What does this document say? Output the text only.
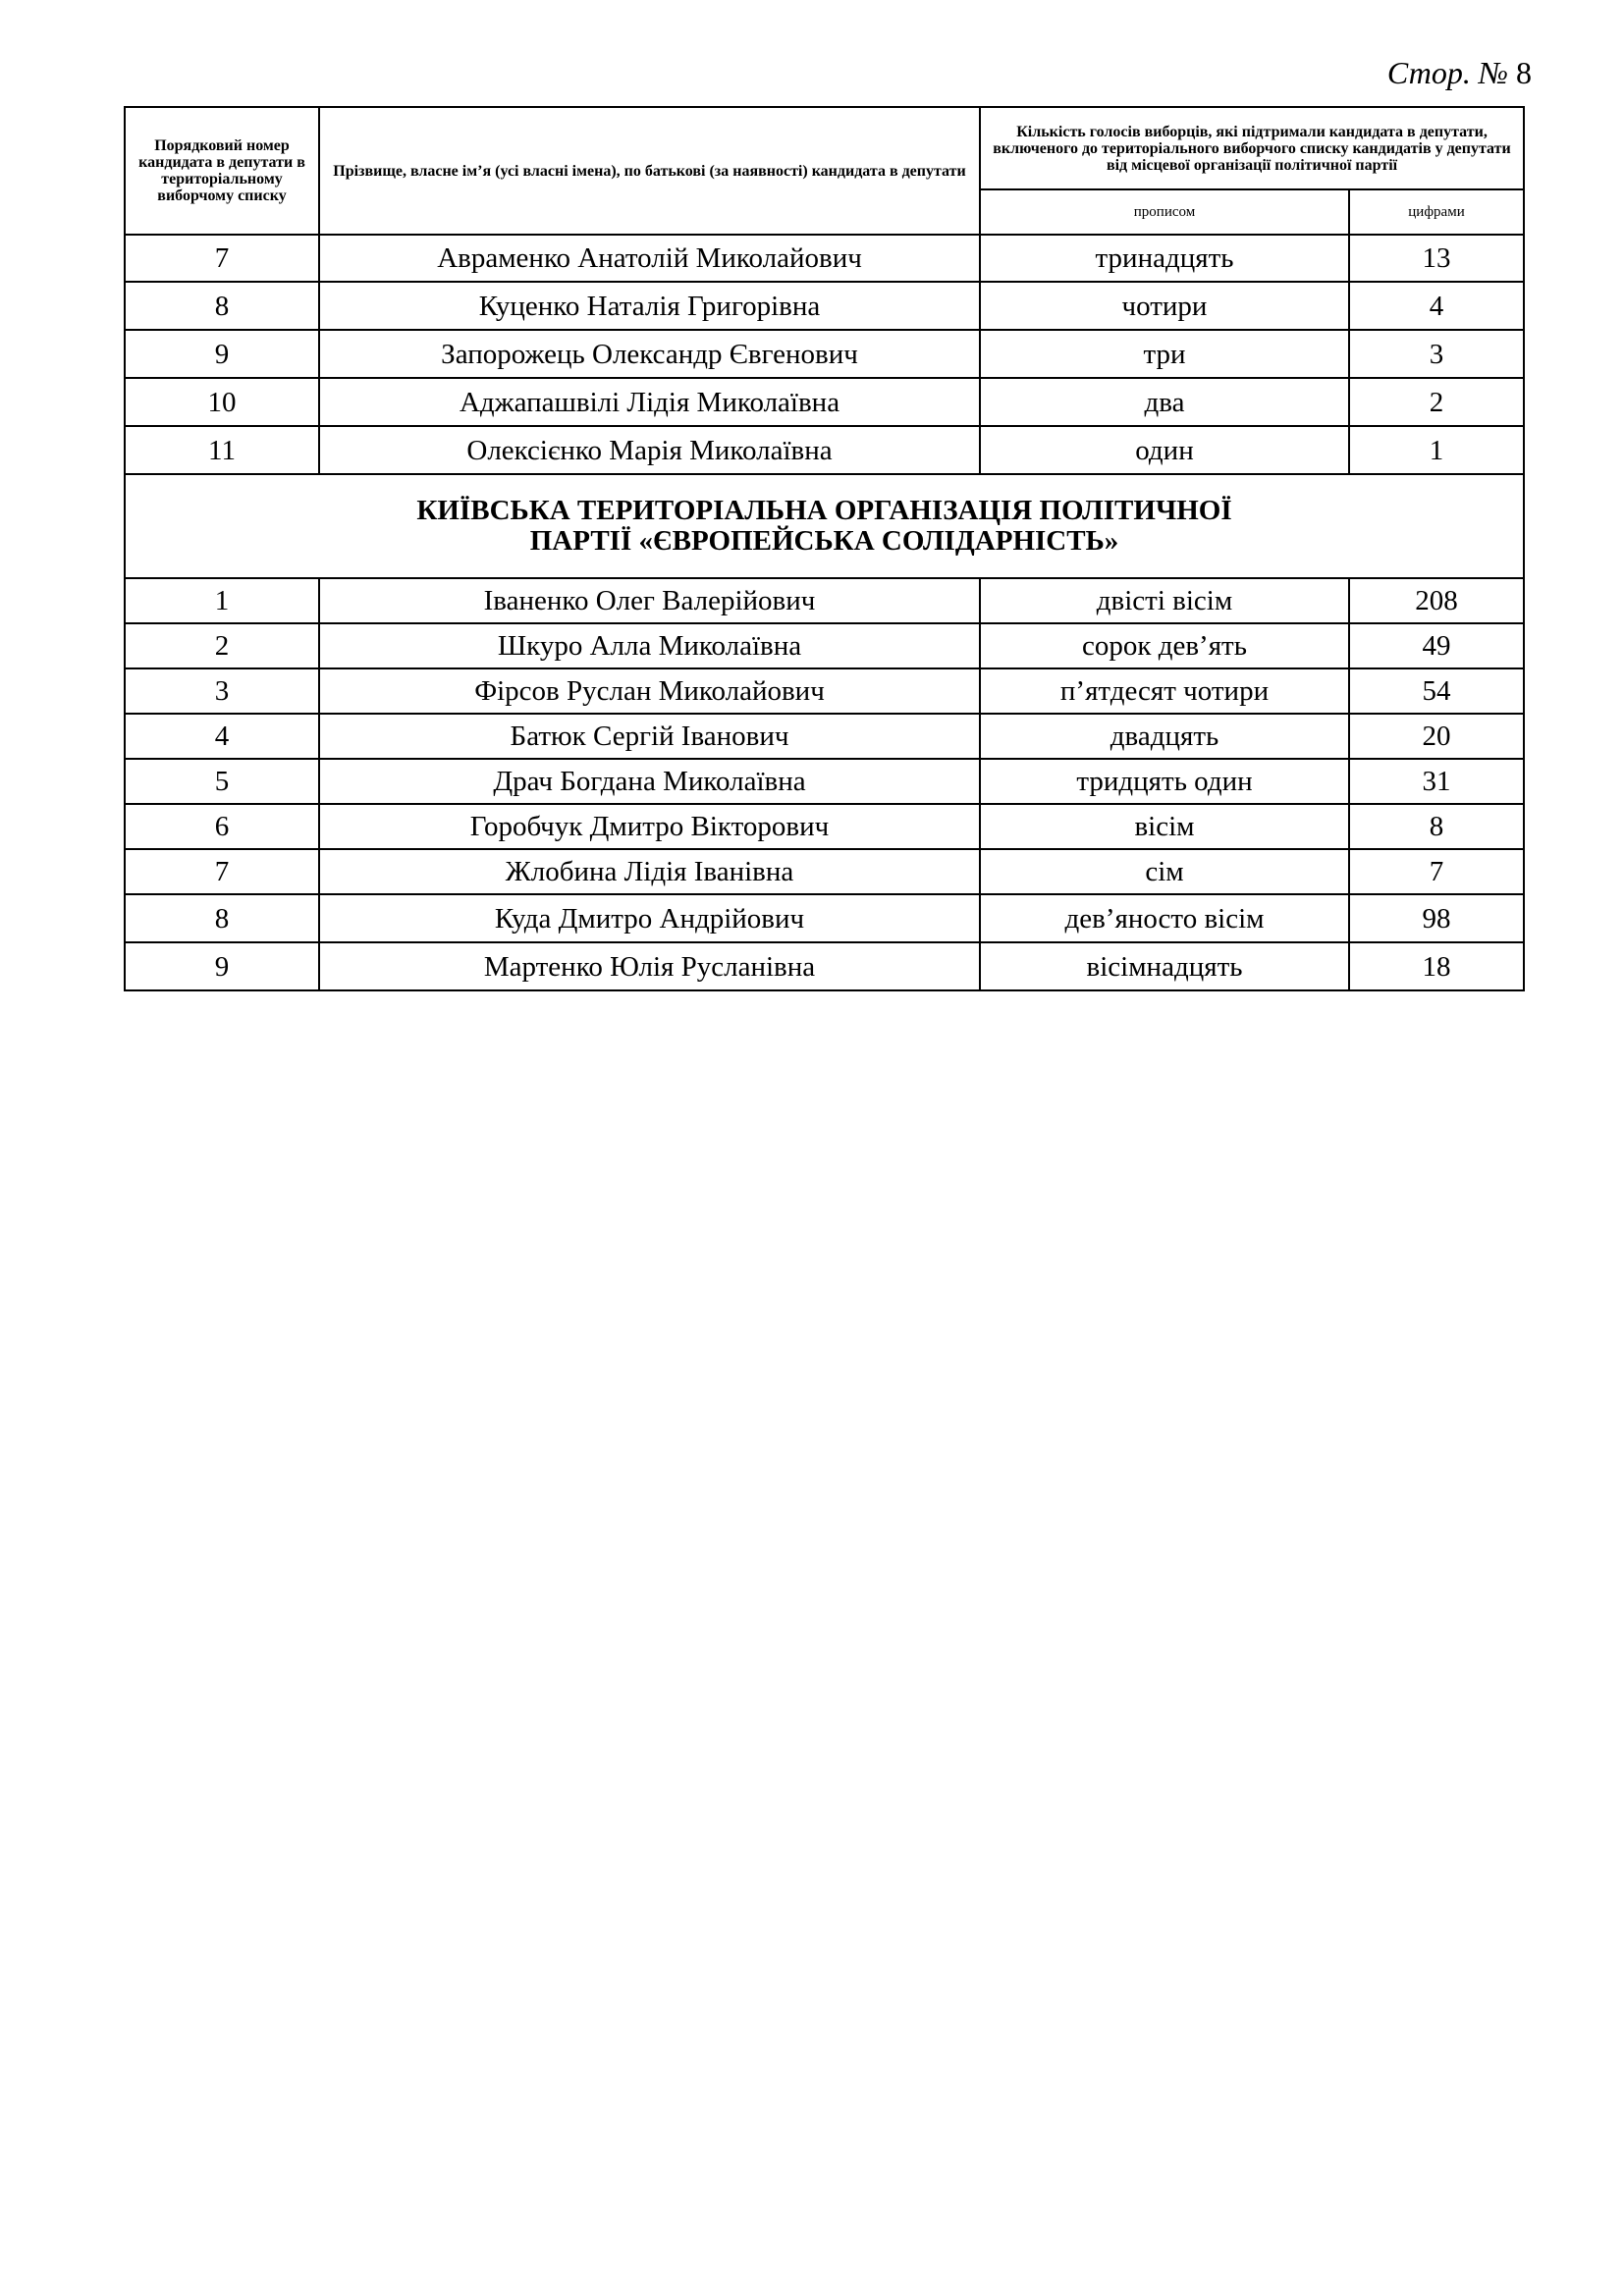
Стор. № 8
Порядковий номер кандидата в депутати в територіальному виборчому списку	Прізвище, власне ім’я (усі власні імена), по батькові (за наявності) кандидата в депутати	Кількість голосів виборців, які підтримали кандидата в депутати, включеного до територіального виборчого списку кандидатів у депутати від місцевої організації політичної партії	
		прописом	цифрами
7	Авраменко Анатолій Миколайович	тринадцять	13
8	Куценко Наталія Григорівна	чотири	4
9	Запорожець Олександр Євгенович	три	3
10	Аджапашвілі Лідія Миколаївна	два	2
11	Олексієнко Марія Миколаївна	один	1

КИЇВСЬКА ТЕРИТОРІАЛЬНА ОРГАНІЗАЦІЯ ПОЛІТИЧНОЇ
ПАРТІЇ «ЄВРОПЕЙСЬКА СОЛІДАРНІСТЬ»			

1	Іваненко Олег Валерійович	двісті вісім	208
2	Шкуро Алла Миколаївна	сорок дев’ять	49
3	Фірсов Руслан Миколайович	п’ятдесят чотири	54
4	Батюк Сергій Іванович	двадцять	20
5	Драч Богдана Миколаївна	тридцять один	31
6	Горобчук Дмитро Вікторович	вісім	8
7	Жлобина Лідія Іванівна	сім	7
8	Куда Дмитро Андрійович	дев’яносто вісім	98
9	Мартенко Юлія Русланівна	вісімнадцять	18
